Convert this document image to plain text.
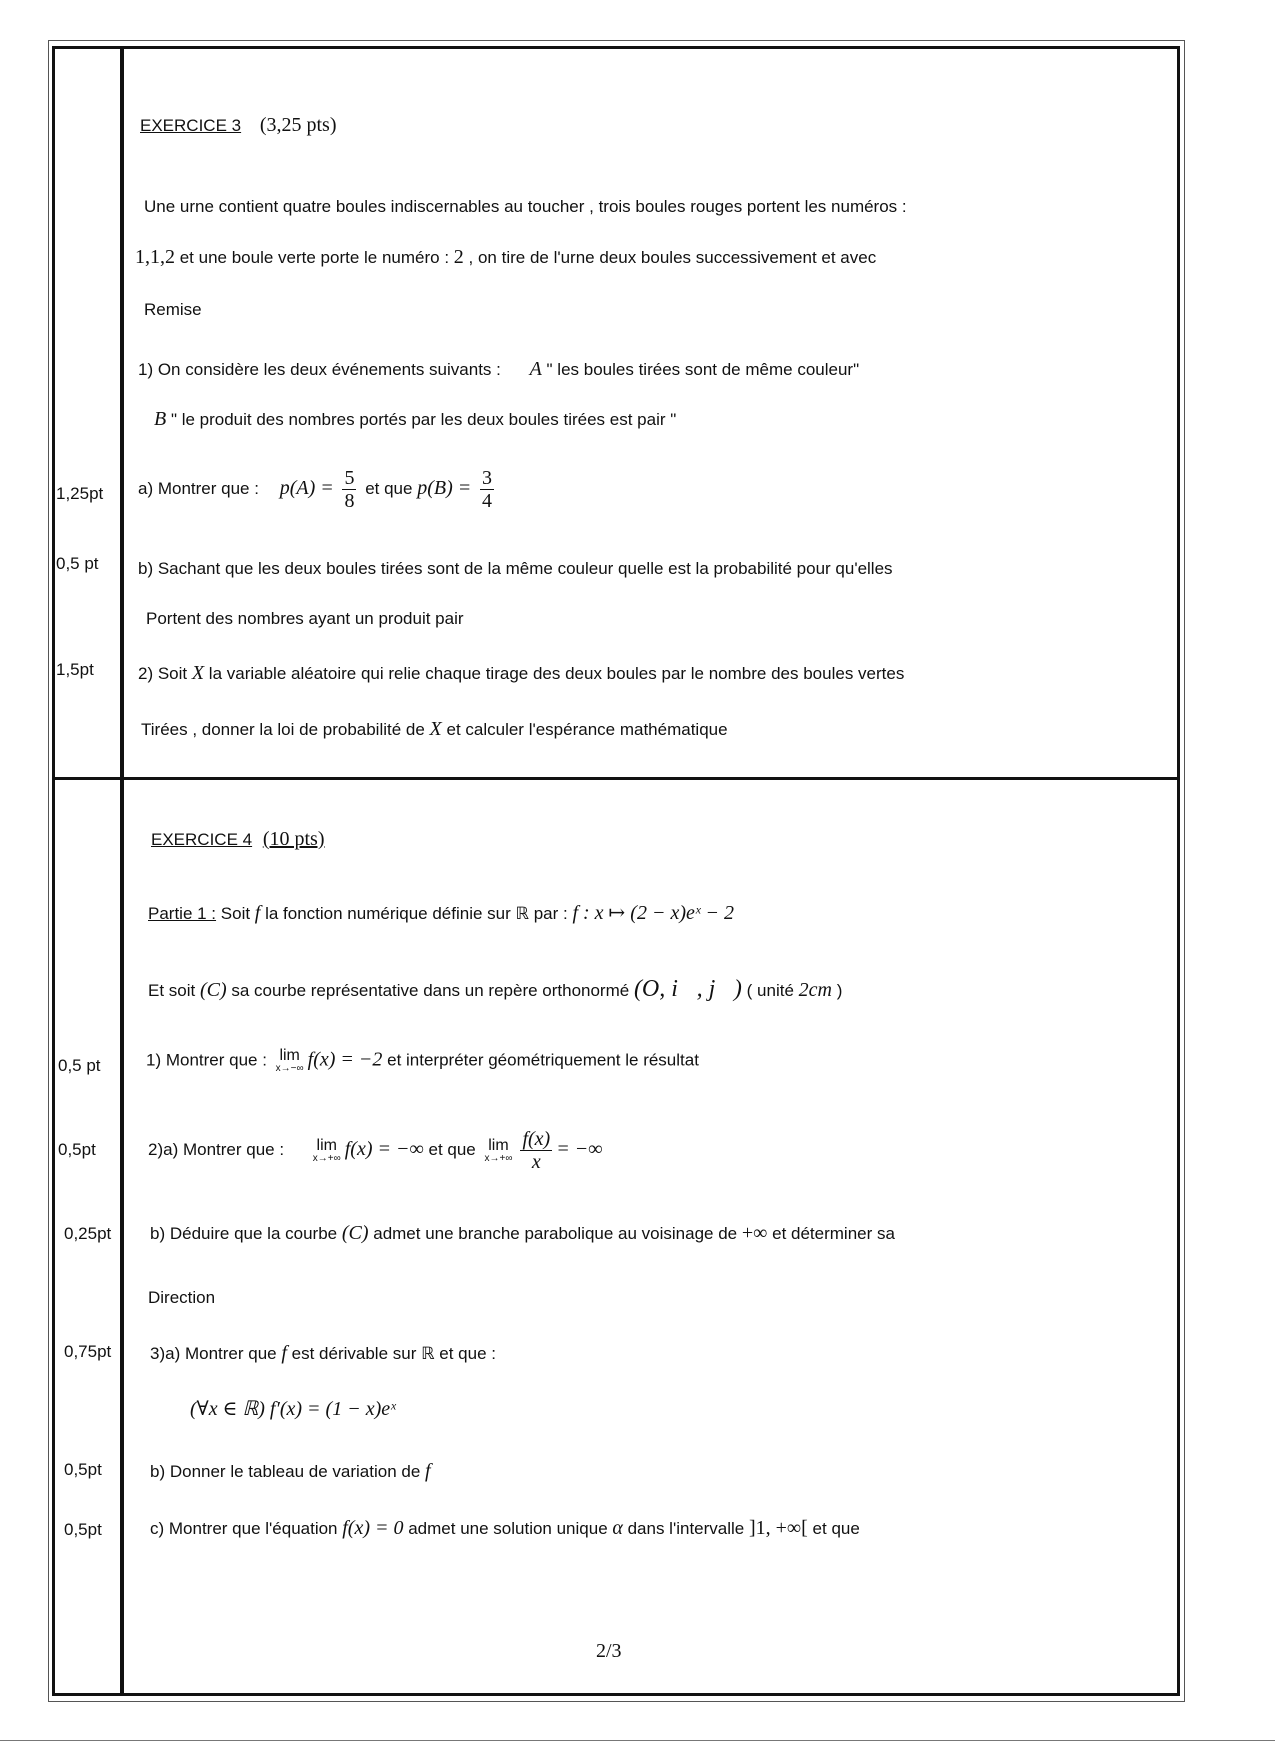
EXERCICE 3 (3,25 pts)
Une urne contient quatre boules indiscernables au toucher , trois boules rouges portent les numéros :
1,1,2 et une boule verte porte le numéro : 2 , on tire de l'urne deux boules successivement et avec
Remise
1) On considère les deux événements suivants : A " les boules tirées sont de même couleur"
B " le produit des nombres portés par les deux boules tirées est pair "
1,25pt a) Montrer que : $p(A) = \frac{5}{8}$ et que $p(B) = \frac{3}{4}$
0,5 pt b) Sachant que les deux boules tirées sont de la même couleur quelle est la probabilité pour qu'elles
Portent des nombres ayant un produit pair
1,5pt	2) Soit X la variable aléatoire qui relie chaque tirage des deux boules par le nombre des boules vertes
Tirées , donner la loi de probabilité de X et calculer l'espérance mathématique
EXERCICE 4 (10 pts)
Partie 1 : Soit f la fonction numérique définie sur ℝ par : f : x ↦ (2 − x)eˣ − 2
Et soit (C) sa courbe représentative dans un repère orthonormé (O, i⃗, j⃗) ( unité 2cm )
0,5 pt	1) Montrer que : lim
x→−∞ f(x) = −2 et interpréter géométriquement le résultat
0,5pt	2)a) Montrer que : lim
x→+∞ f(x) = −∞ et que lim
$x\to+\infty \frac{f(x)}{x}$ = −∞
0,25pt b) Déduire que la courbe (C) admet une branche parabolique au voisinage de +∞ et déterminer sa
Direction
0,75pt 3)a) Montrer que f est dérivable sur ℝ et que :
(∀x ∈ ℝ) f′(x) = (1 − x)eˣ
0,5pt	b) Donner le tableau de variation de f
0,5pt	c) Montrer que l'équation f(x) = 0 admet une solution unique α dans l'intervalle ]1, +∞[ et que
2/3
